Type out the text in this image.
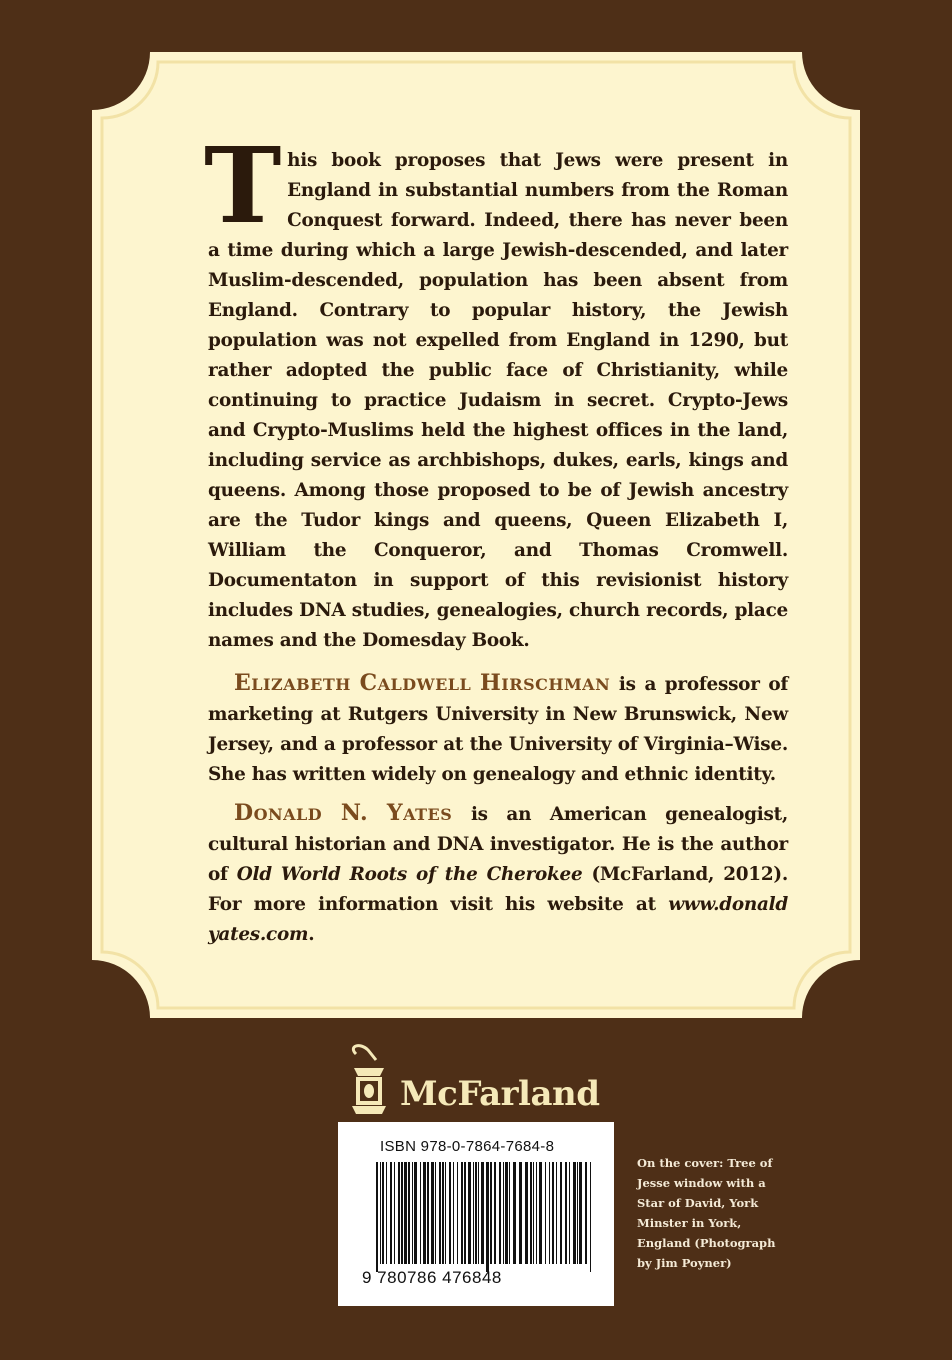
This book proposes that Jews were present in England in substantial numbers from the Roman Conquest forward. Indeed, there has never been a time during which a large Jewish-descended, and later Muslim-descended, population has been absent from England. Contrary to popular history, the Jewish population was not expelled from England in 1290, but rather adopted the public face of Christianity, while continuing to practice Judaism in secret. Crypto-Jews and Crypto-Muslims held the highest offices in the land, including service as archbishops, dukes, earls, kings and queens. Among those proposed to be of Jewish ancestry are the Tudor kings and queens, Queen Elizabeth I, William the Conqueror, and Thomas Cromwell. Documentaton in support of this revisionist history includes DNA studies, genealogies, church records, place names and the Domesday Book.

ELIZABETH CALDWELL HIRSCHMAN is a professor of marketing at Rutgers University in New Brunswick, New Jersey, and a professor at the University of Virginia–Wise. She has written widely on genealogy and ethnic identity.

DONALD N. YATES is an American genealogist, cultural historian and DNA investigator. He is the author of Old World Roots of the Cherokee (McFarland, 2012). For more information visit his website at www.donald yates.com.

McFarland
ISBN 978-0-7864-7684-8
9 780786 476848
On the cover: Tree of Jesse window with a Star of David, York Minster in York, England (Photograph by Jim Poyner)
